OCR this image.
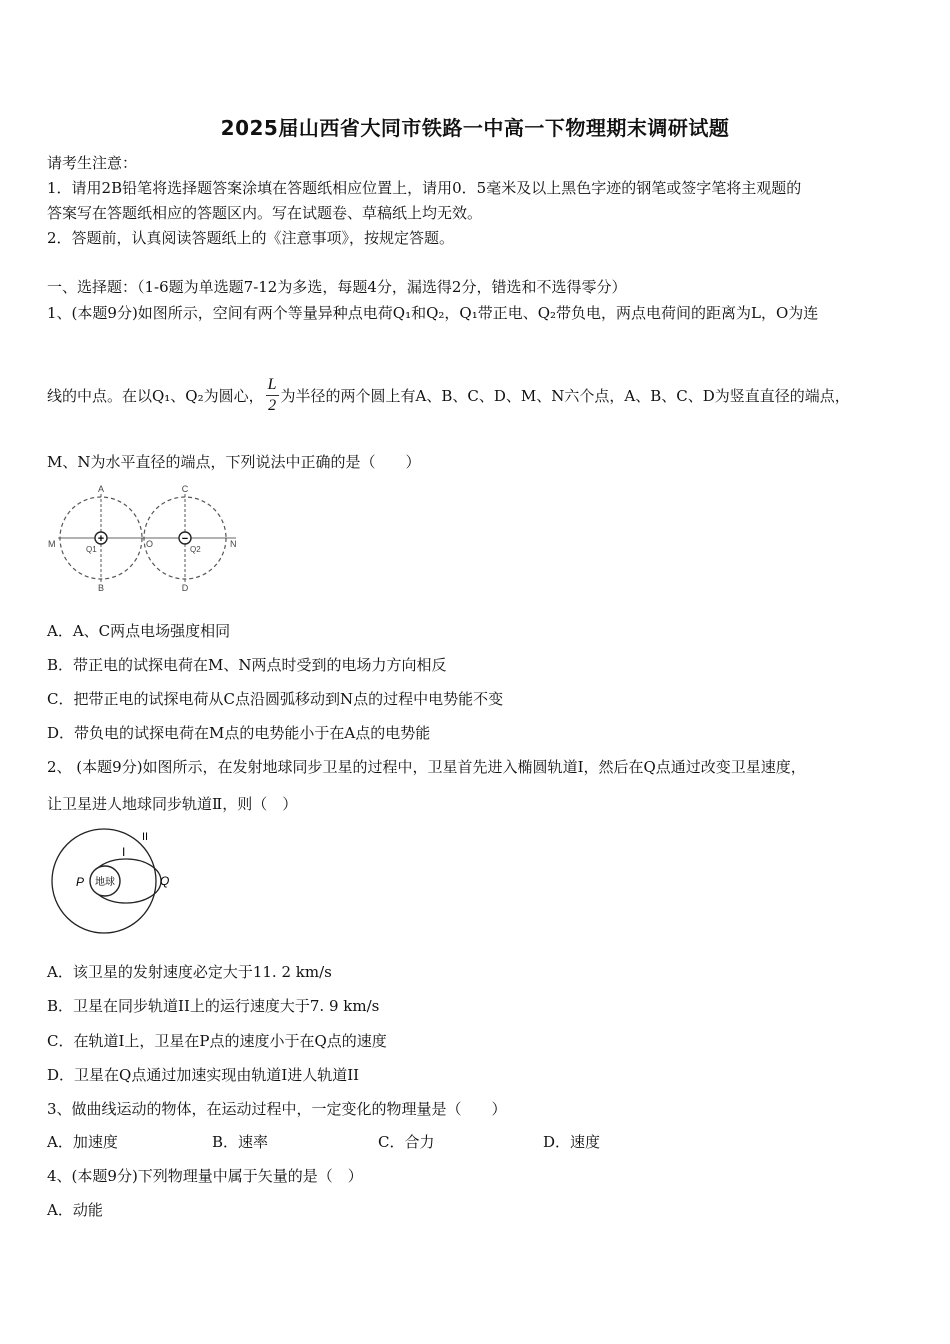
2025届山西省大同市铁路一中高一下物理期末调研试题
请考生注意：
1．请用2B铅笔将选择题答案涂填在答题纸相应位置上，请用0．5毫米及以上黑色字迹的钢笔或签字笔将主观题的
答案写在答题纸相应的答题区内。写在试题卷、草稿纸上均无效。
2．答题前，认真阅读答题纸上的《注意事项》，按规定答题。
一、选择题：（1-6题为单选题7-12为多选，每题4分，漏选得2分，错选和不选得零分）
1、(本题9分)如图所示，空间有两个等量异种点电荷Q₁和Q₂，Q₁带正电、Q₂带负电，两点电荷间的距离为L，O为连
线的中点。在以Q₁、Q₂为圆心， $\frac{L}{2}$ 为半径的两个圆上有A、B、C、D、M、N六个点，A、B、C、D为竖直直径的端点，
M、N为水平直径的端点，下列说法中正确的是（　　）
+	−
A
B
C
D
M	N
O
Q1	Q2
A．A、C两点电场强度相同
B．带正电的试探电荷在M、N两点时受到的电场力方向相反
C．把带正电的试探电荷从C点沿圆弧移动到N点的过程中电势能不变
D．带负电的试探电荷在M点的电势能小于在A点的电势能
2、 (本题9分)如图所示，在发射地球同步卫星的过程中，卫星首先进入椭圆轨道I，然后在Q点通过改变卫星速度，
让卫星进人地球同步轨道Ⅱ，则（　）
地球
II
I
P	Q
A．该卫星的发射速度必定大于11. 2 km/s
B．卫星在同步轨道II上的运行速度大于7. 9 km/s
C．在轨道I上，卫星在P点的速度小于在Q点的速度
D．卫星在Q点通过加速实现由轨道I进人轨道II
3、做曲线运动的物体，在运动过程中，一定变化的物理量是（　　）
A．加速度	B．速率	C．合力	D．速度
4、(本题9分)下列物理量中属于矢量的是（　）
A．动能
